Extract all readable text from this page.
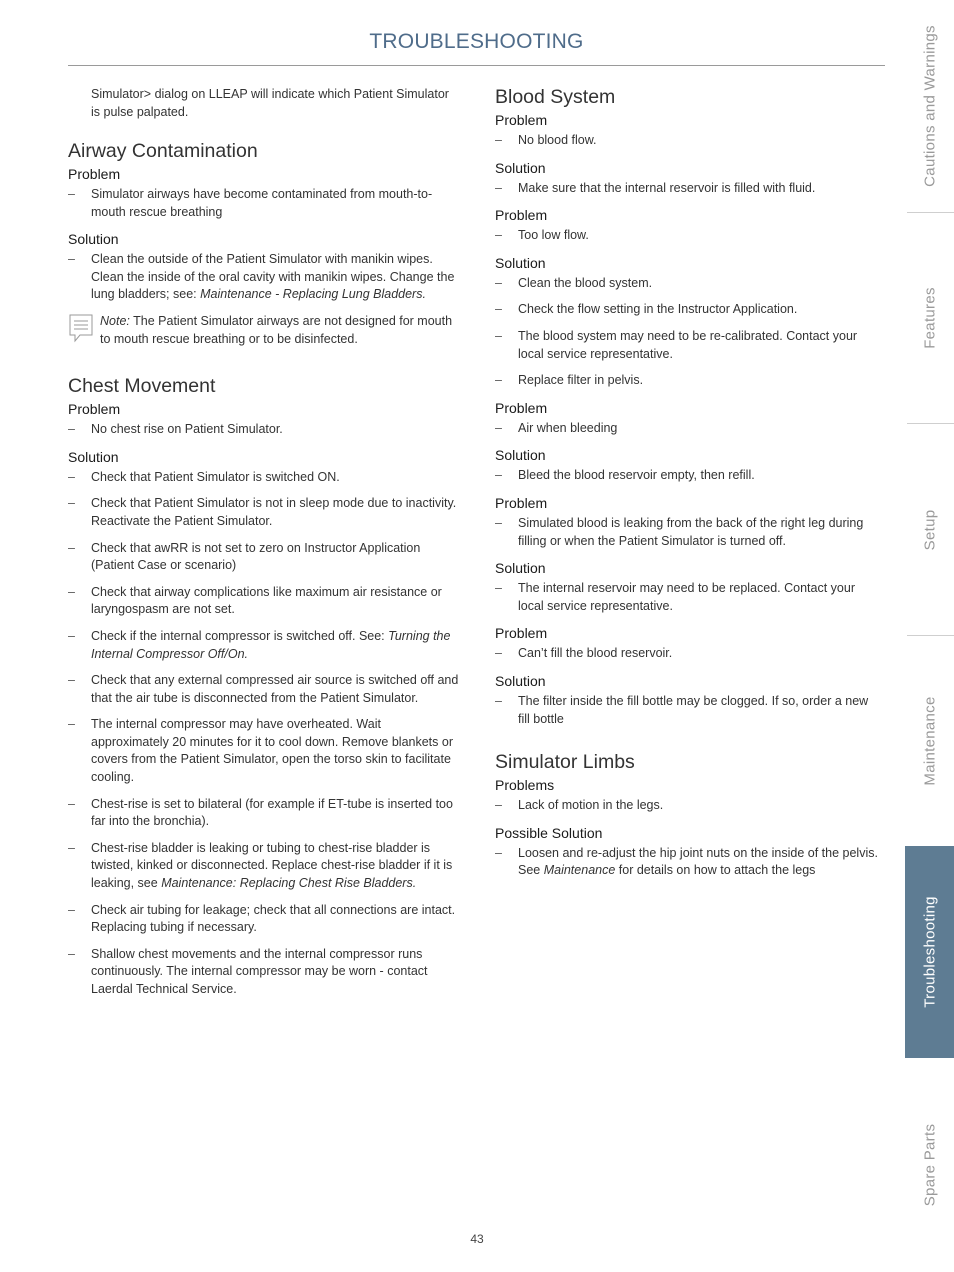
TROUBLESHOOTING

Simulator> dialog on LLEAP will indicate which Patient Simulator is pulse palpated.

Airway Contamination
Problem
– Simulator airways have become contaminated from mouth-to-mouth rescue breathing
Solution
– Clean the outside of the Patient Simulator with manikin wipes. Clean the inside of the oral cavity with manikin wipes. Change the lung bladders; see: Maintenance - Replacing Lung Bladders.
Note: The Patient Simulator airways are not designed for mouth to mouth rescue breathing or to be disinfected.
Chest Movement
Problem
– No chest rise on Patient Simulator.
Solution
– Check that Patient Simulator is switched ON.
– Check that Patient Simulator is not in sleep mode due to inactivity. Reactivate the Patient Simulator.
– Check that awRR is not set to zero on Instructor Application (Patient Case or scenario)
– Check that airway complications like maximum air resistance or laryngospasm are not set.
– Check if the internal compressor is switched off. See: Turning the Internal Compressor Off/On.
– Check that any external compressed air source is switched off and that the air tube is disconnected from the Patient Simulator.
– The internal compressor may have overheated. Wait approximately 20 minutes for it to cool down. Remove blankets or covers from the Patient Simulator, open the torso skin to facilitate cooling.
– Chest-rise is set to bilateral (for example if ET-tube is inserted too far into the bronchia).
– Chest-rise bladder is leaking or tubing to chest-rise bladder is twisted, kinked or disconnected. Replace chest-rise bladder if it is leaking, see Maintenance: Replacing Chest Rise Bladders.
– Check air tubing for leakage; check that all connections are intact. Replacing tubing if necessary.
– Shallow chest movements and the internal compressor runs continuously. The internal compressor may be worn - contact Laerdal Technical Service.
Blood System
Problem
– No blood flow.
Solution
– Make sure that the internal reservoir is filled with fluid.
Problem
– Too low flow.
Solution
– Clean the blood system.
– Check the flow setting in the Instructor Application.
– The blood system may need to be re-calibrated. Contact your local service representative.
– Replace filter in pelvis.
Problem
– Air when bleeding
Solution
– Bleed the blood reservoir empty, then refill.
Problem
– Simulated blood is leaking from the back of the right leg during filling or when the Patient Simulator is turned off.
Solution
– The internal reservoir may need to be replaced. Contact your local service representative.
Problem
– Can’t fill the blood reservoir.
Solution
– The filter inside the fill bottle may be clogged. If so, order a new fill bottle
Simulator Limbs
Problems
– Lack of motion in the legs.
Possible Solution
– Loosen and re-adjust the hip joint nuts on the inside of the pelvis. See Maintenance for details on how to attach the legs
Cautions and Warnings
Features
Setup
Maintenance
Troubleshooting
Spare Parts
43
